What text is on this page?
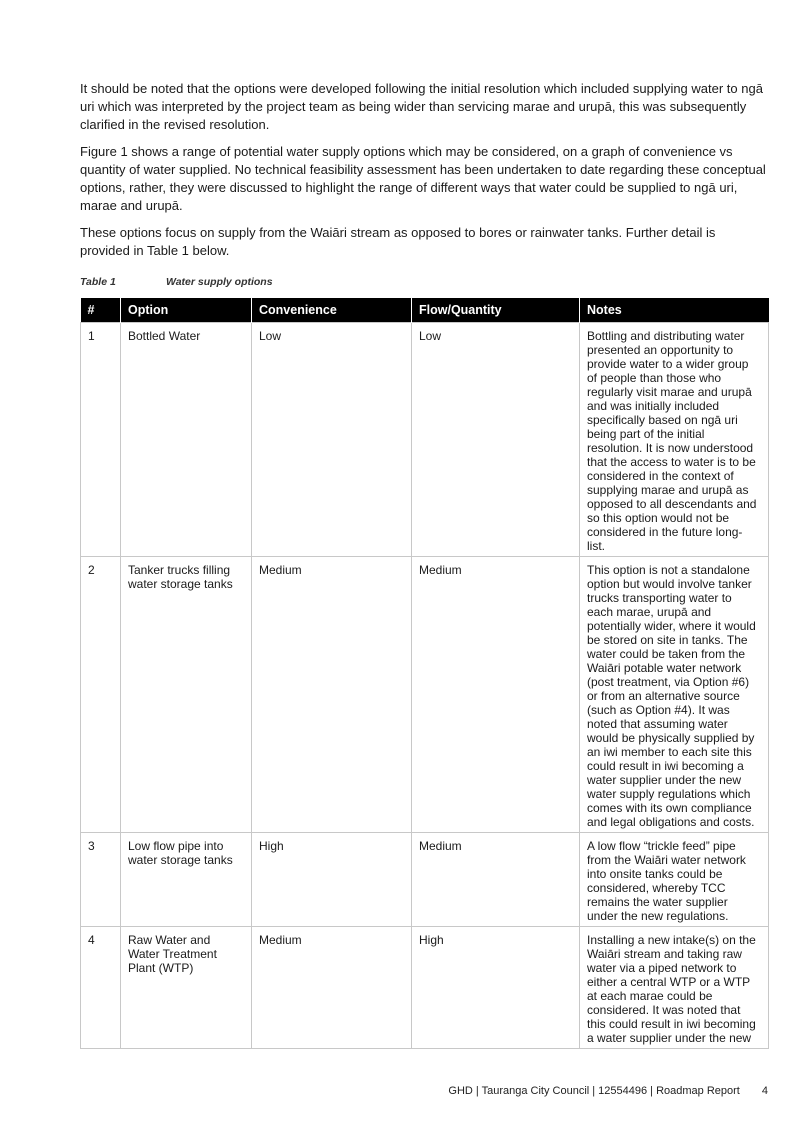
It should be noted that the options were developed following the initial resolution which included supplying water to ngā uri which was interpreted by the project team as being wider than servicing marae and urupā, this was subsequently clarified in the revised resolution.

Figure 1 shows a range of potential water supply options which may be considered, on a graph of convenience vs quantity of water supplied. No technical feasibility assessment has been undertaken to date regarding these conceptual options, rather, they were discussed to highlight the range of different ways that water could be supplied to ngā uri, marae and urupā.

These options focus on supply from the Waiāri stream as opposed to bores or rainwater tanks. Further detail is provided in Table 1 below.

Table 1	Water supply options
#	Option	Convenience	Flow/Quantity	Notes
1	Bottled Water	Low	Low	Bottling and distributing water presented an opportunity to provide water to a wider group of people than those who regularly visit marae and urupā and was initially included specifically based on ngā uri being part of the initial resolution. It is now understood that the access to water is to be considered in the context of supplying marae and urupā as opposed to all descendants and so this option would not be considered in the future long-list.
2	Tanker trucks filling water storage tanks	Medium	Medium	This option is not a standalone option but would involve tanker trucks transporting water to each marae, urupā and potentially wider, where it would be stored on site in tanks. The water could be taken from the Waiāri potable water network (post treatment, via Option #6) or from an alternative source (such as Option #4). It was noted that assuming water would be physically supplied by an iwi member to each site this could result in iwi becoming a water supplier under the new water supply regulations which comes with its own compliance and legal obligations and costs.
3	Low flow pipe into water storage tanks	High	Medium	A low flow “trickle feed” pipe from the Waiāri water network into onsite tanks could be considered, whereby TCC remains the water supplier under the new regulations.
4	Raw Water and Water Treatment Plant (WTP)	Medium	High	Installing a new intake(s) on the Waiāri stream and taking raw water via a piped network to either a central WTP or a WTP at each marae could be considered. It was noted that this could result in iwi becoming a water supplier under the new
GHD | Tauranga City Council | 12554496 | Roadmap Report 4
